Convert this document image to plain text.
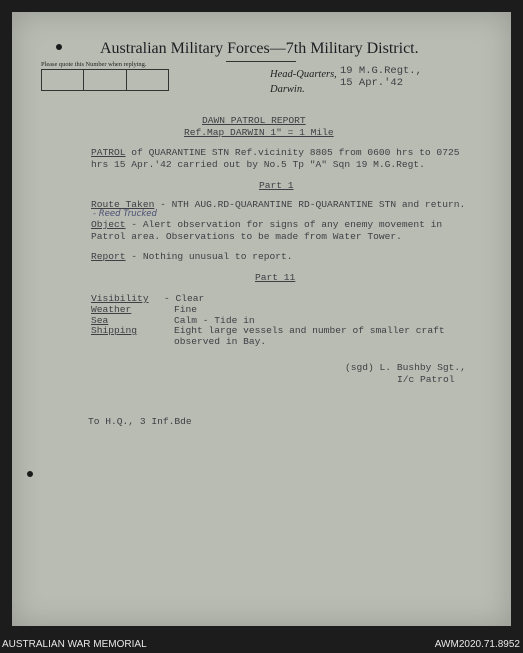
Australian Military Forces—7th Military District.
Please quote this Number when replying.
Head-Quarters,
Darwin.
19 M.G.Regt.,
15 Apr.'42
DAWN PATROL REPORT
Ref.Map DARWIN 1" = 1 Mile
PATROL of QUARANTINE STN Ref.vicinity 8805 from 0600 hrs to 0725
hrs 15 Apr.'42 carried out by No.5 Tp "A" Sqn 19 M.G.Regt.
Part 1
Route Taken - NTH AUG.RD-QUARANTINE RD-QUARANTINE STN and return.
- Reed Trucked
Object - Alert observation for signs of any enemy movement in
Patrol area. Observations to be made from Water Tower.
Report - Nothing unusual to report.
Part 11
Visibility - Clear
Weather	Fine
Sea	Calm - Tide in
Shipping	Eight large vessels and number of smaller craft
observed in Bay.
(sgd) L. Bushby Sgt.,
I/c Patrol
To H.Q., 3 Inf.Bde
AUSTRALIAN WAR MEMORIAL	AWM2020.71.8952
